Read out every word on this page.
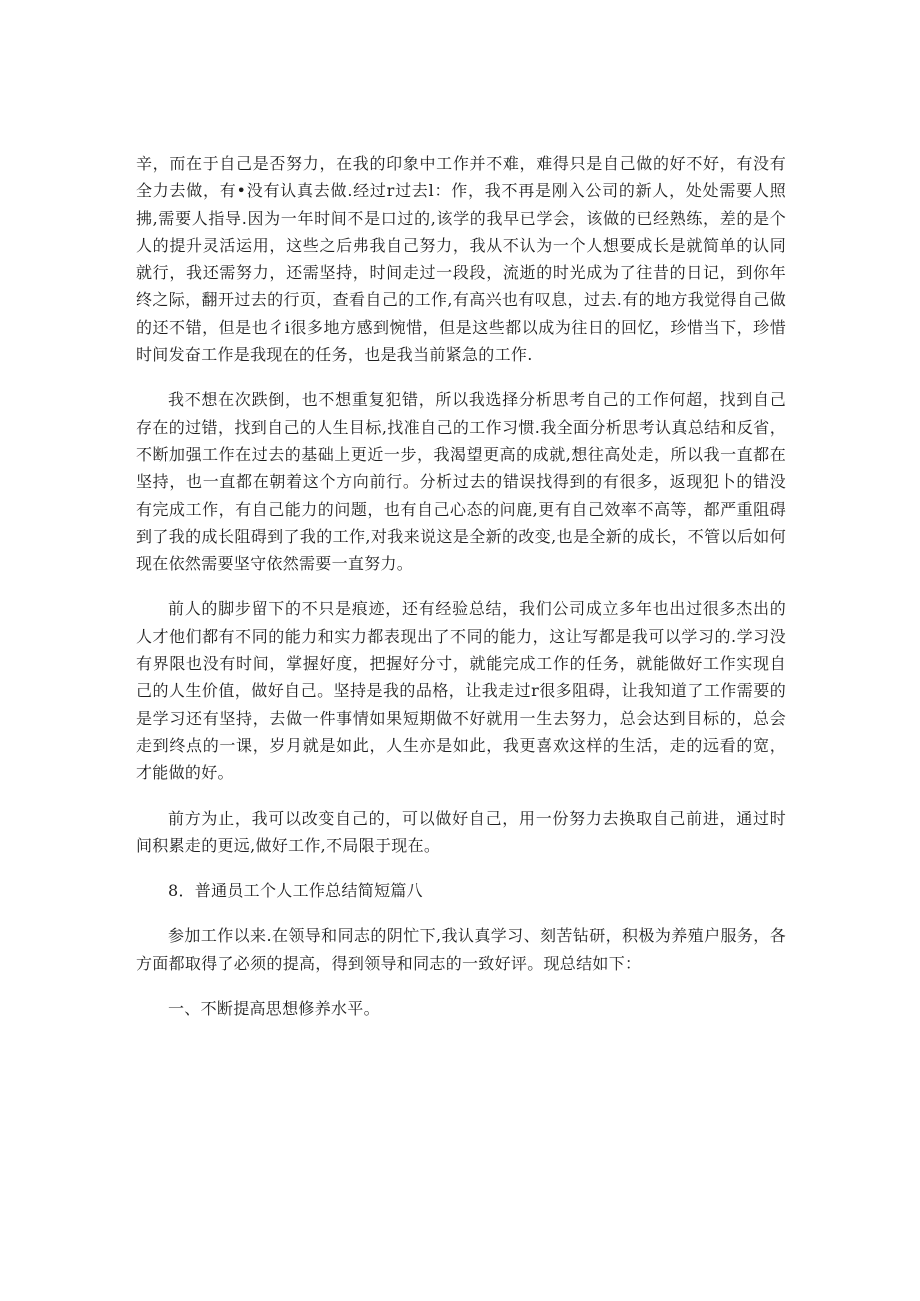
辛，而在于自己是否努力，在我的印象中工作并不难，难得只是自己做的好不好，有没有全力去做，有•没有认真去做.经过r过去l：作，我不再是刚入公司的新人，处处需要人照拂,需要人指导.因为一年时间不是口过的,该学的我早已学会，该做的已经熟练，差的是个人的提升灵活运用，这些之后弗我自己努力，我从不认为一个人想要成长是就简单的认同就行，我还需努力，还需坚持，时间走过一段段，流逝的时光成为了往昔的日记，到你年终之际，翻开过去的行页，查看自己的工作,有高兴也有叹息，过去.有的地方我觉得自己做的还不错，但是也彳i很多地方感到惋惜，但是这些都以成为往日的回忆，珍惜当下，珍惜时间发奋工作是我现在的任务，也是我当前紧急的工作.

我不想在次跌倒，也不想重复犯错，所以我选择分析思考自己的工作何超，找到自己存在的过错，找到自己的人生目标,找准自己的工作习惯.我全面分析思考认真总结和反省，不断加强工作在过去的基础上更近一步，我渴望更高的成就,想往高处走，所以我一直都在坚持，也一直都在朝着这个方向前行。分析过去的错误找得到的有很多，返现犯卜的错没有完成工作，有自己能力的问题，也有自己心态的问鹿,更有自己效率不高等，都严重阻碍到了我的成长阻碍到了我的工作,对我来说这是全新的改变,也是全新的成长，不管以后如何现在依然需要坚守依然需要一直努力。

前人的脚步留下的不只是痕迹，还有经验总结，我们公司成立多年也出过很多杰出的人才他们都有不同的能力和实力都表现出了不同的能力，这让写都是我可以学习的.学习没有界限也没有时间，掌握好度，把握好分寸，就能完成工作的任务，就能做好工作实现自己的人生价值，做好自己。坚持是我的品格，让我走过r很多阻碍，让我知道了工作需要的是学习还有坚持，去做一件事情如果短期做不好就用一生去努力，总会达到目标的，总会走到终点的一课，岁月就是如此，人生亦是如此，我更喜欢这样的生活，走的远看的宽，才能做的好。

前方为止，我可以改变自己的，可以做好自己，用一份努力去换取自己前进，通过时间积累走的更远,做好工作,不局限于现在。

8．普通员工个人工作总结简短篇八

参加工作以来.在领导和同志的阴忙下,我认真学习、刻苦钻研，积极为养殖户服务，各方面都取得了必须的提高，得到领导和同志的一致好评。现总结如下：

一、不断提高思想修养水平。
